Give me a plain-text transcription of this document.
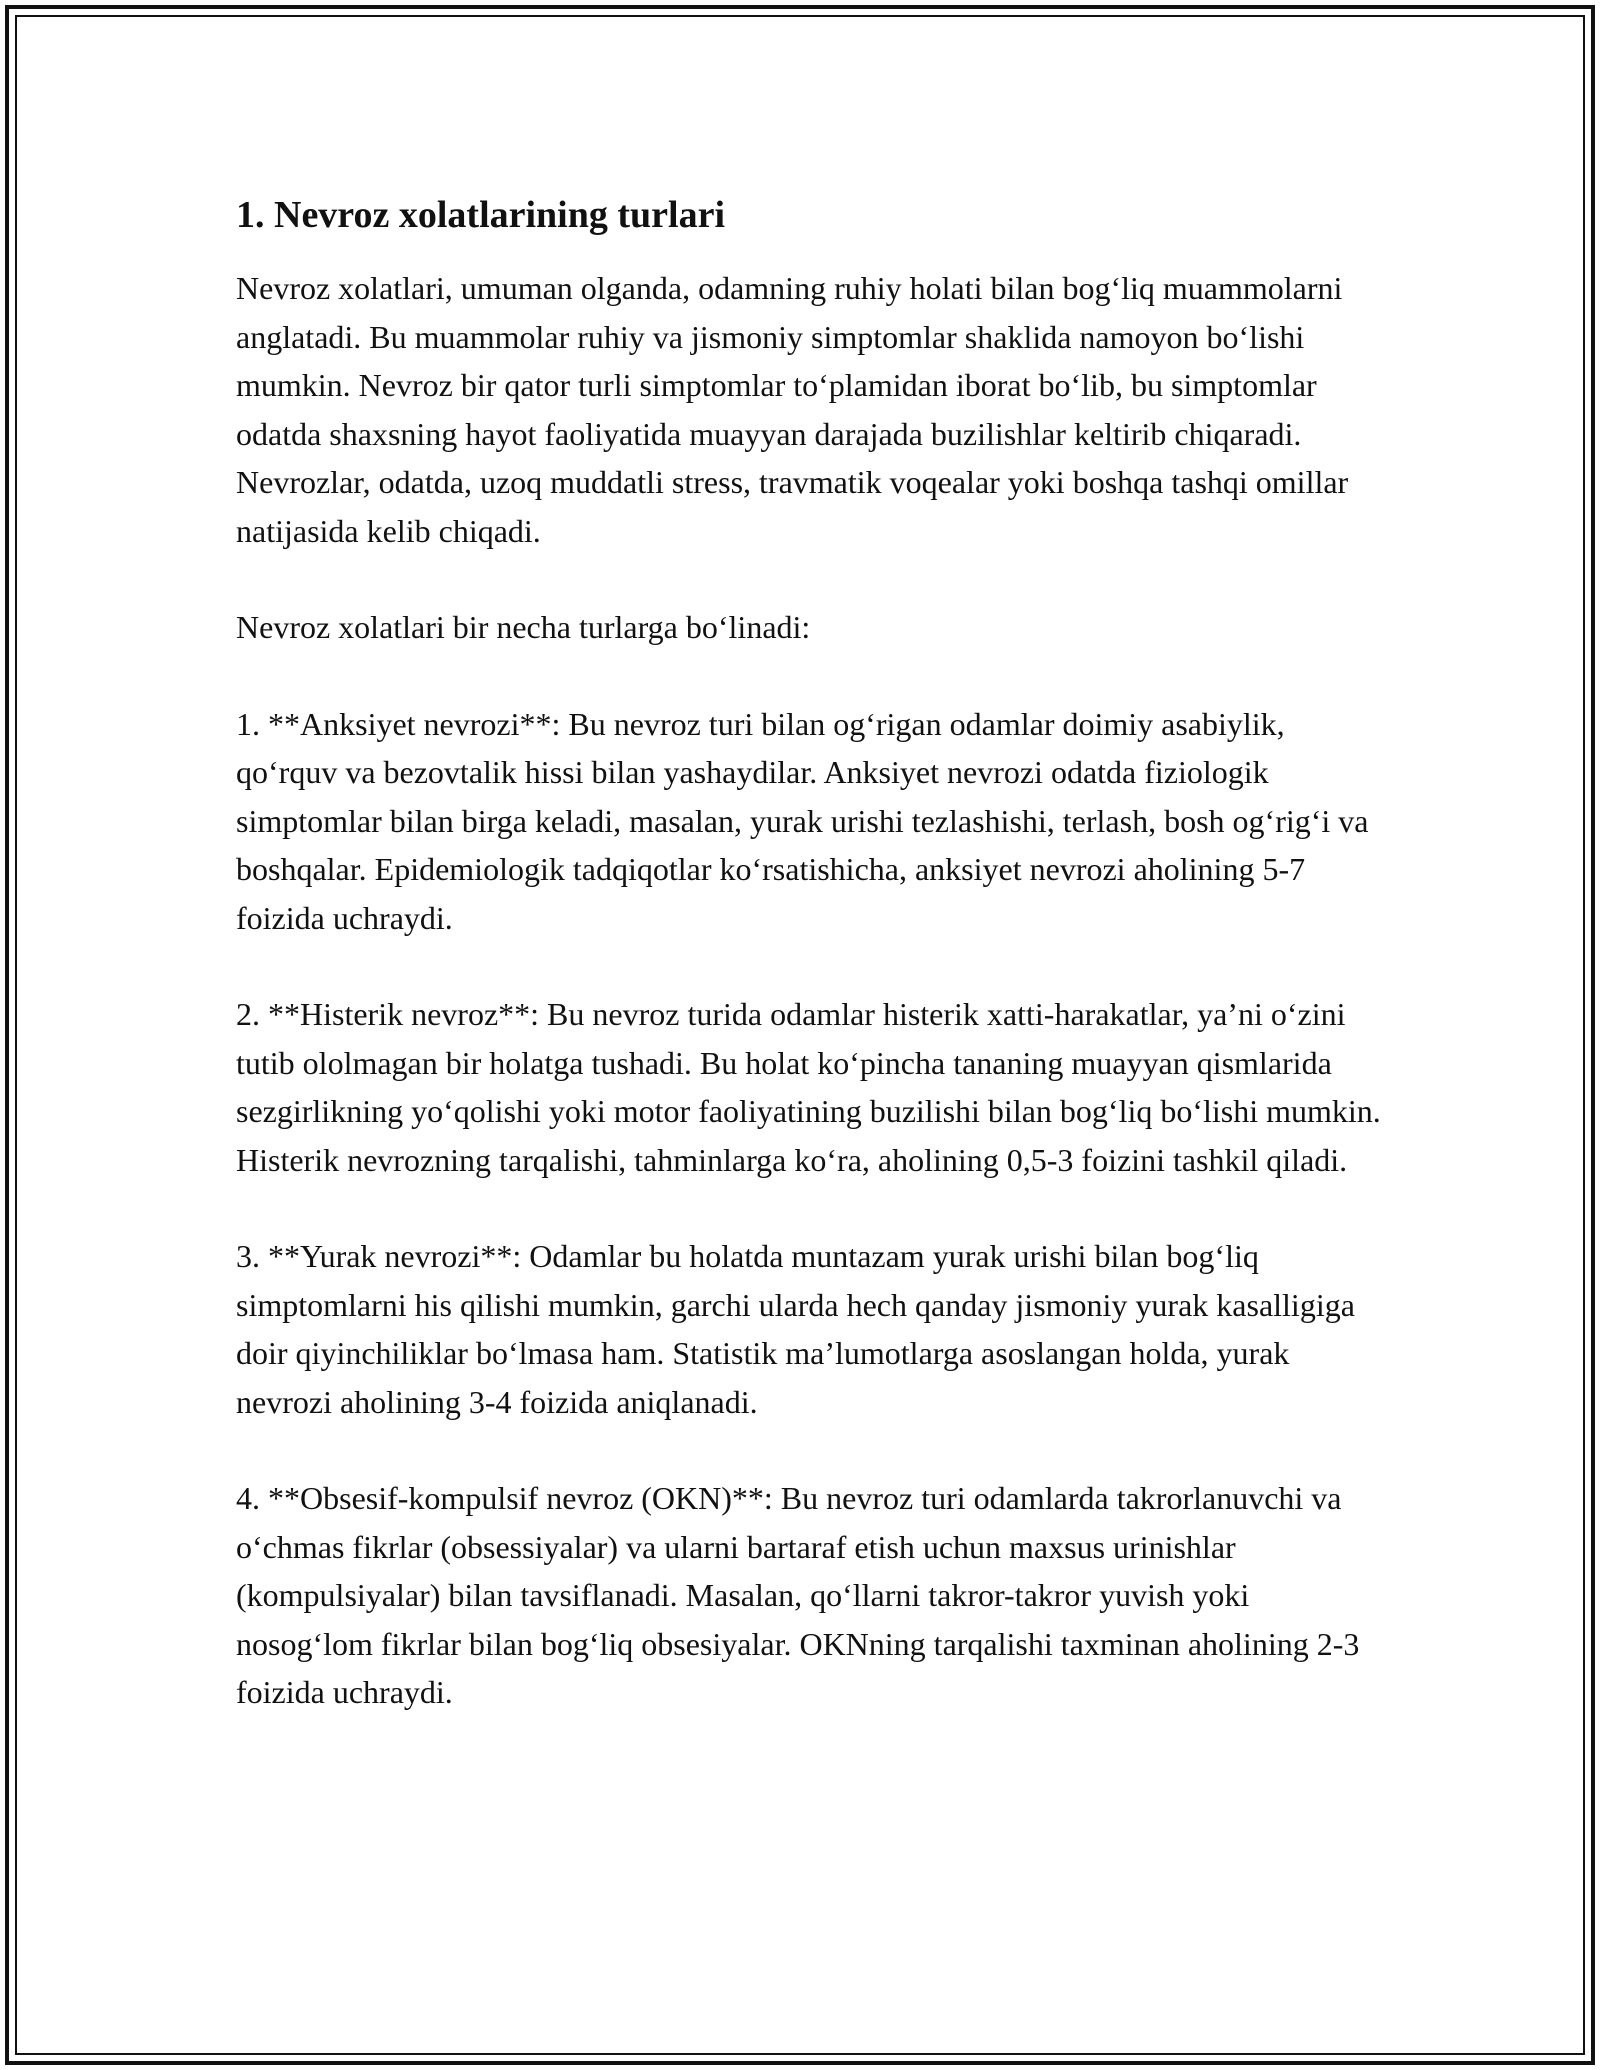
1. Nevroz xolatlarining turlari

Nevroz xolatlari, umuman olganda, odamning ruhiy holati bilan bog‘liq muammolarni anglatadi. Bu muammolar ruhiy va jismoniy simptomlar shaklida namoyon bo‘lishi mumkin. Nevroz bir qator turli simptomlar to‘plamidan iborat bo‘lib, bu simptomlar odatda shaxsning hayot faoliyatida muayyan darajada buzilishlar keltirib chiqaradi. Nevrozlar, odatda, uzoq muddatli stress, travmatik voqealar yoki boshqa tashqi omillar natijasida kelib chiqadi.

Nevroz xolatlari bir necha turlarga bo‘linadi:

1. **Anksiyet nevrozi**: Bu nevroz turi bilan og‘rigan odamlar doimiy asabiylik, qo‘rquv va bezovtalik hissi bilan yashaydilar. Anksiyet nevrozi odatda fiziologik simptomlar bilan birga keladi, masalan, yurak urishi tezlashishi, terlash, bosh og‘rig‘i va boshqalar. Epidemiologik tadqiqotlar ko‘rsatishicha, anksiyet nevrozi aholining 5-7 foizida uchraydi.

2. **Histerik nevroz**: Bu nevroz turida odamlar histerik xatti-harakatlar, ya’ni o‘zini tutib ololmagan bir holatga tushadi. Bu holat ko‘pincha tananing muayyan qismlarida sezgirlikning yo‘qolishi yoki motor faoliyatining buzilishi bilan bog‘liq bo‘lishi mumkin. Histerik nevrozning tarqalishi, tahminlarga ko‘ra, aholining 0,5-3 foizini tashkil qiladi.

3. **Yurak nevrozi**: Odamlar bu holatda muntazam yurak urishi bilan bog‘liq simptomlarni his qilishi mumkin, garchi ularda hech qanday jismoniy yurak kasalligiga doir qiyinchiliklar bo‘lmasa ham. Statistik ma’lumotlarga asoslangan holda, yurak nevrozi aholining 3-4 foizida aniqlanadi.

4. **Obsesif-kompulsif nevroz (OKN)**: Bu nevroz turi odamlarda takrorlanuvchi va o‘chmas fikrlar (obsessiyalar) va ularni bartaraf etish uchun maxsus urinishlar (kompulsiyalar) bilan tavsiflanadi. Masalan, qo‘llarni takror-takror yuvish yoki nosog‘lom fikrlar bilan bog‘liq obsesiyalar. OKNning tarqalishi taxminan aholining 2-3 foizida uchraydi.
